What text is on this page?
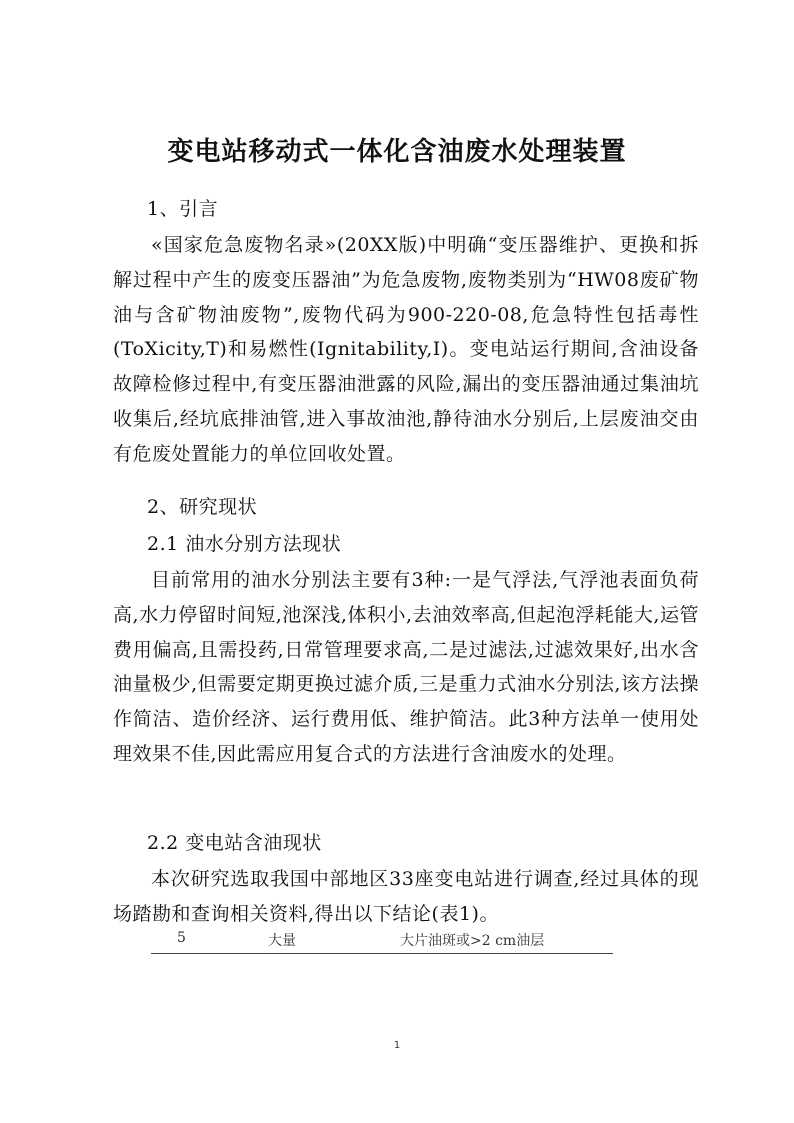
变电站移动式一体化含油废水处理装置
1、引言
«国家危急废物名录»(20XX版)中明确“变压器维护、更换和拆解过程中产生的废变压器油”为危急废物,废物类别为“HW08废矿物油与含矿物油废物”,废物代码为900-220-08,危急特性包括毒性(ToXicity,T)和易燃性(Ignitability,I)。变电站运行期间,含油设备故障检修过程中,有变压器油泄露的风险,漏出的变压器油通过集油坑收集后,经坑底排油管,进入事故油池,静待油水分别后,上层废油交由有危废处置能力的单位回收处置。
2、研究现状
2.1 油水分别方法现状
目前常用的油水分别法主要有3种:一是气浮法,气浮池表面负荷高,水力停留时间短,池深浅,体积小,去油效率高,但起泡浮耗能大,运管费用偏高,且需投药,日常管理要求高,二是过滤法,过滤效果好,出水含油量极少,但需要定期更换过滤介质,三是重力式油水分别法,该方法操作简洁、造价经济、运行费用低、维护简洁。此3种方法单一使用处理效果不佳,因此需应用复合式的方法进行含油废水的处理。
2.2 变电站含油现状
本次研究选取我国中部地区33座变电站进行调查,经过具体的现场踏勘和查询相关资料,得出以下结论(表1)。
5	大量	大片油斑或>2 cm油层
1
